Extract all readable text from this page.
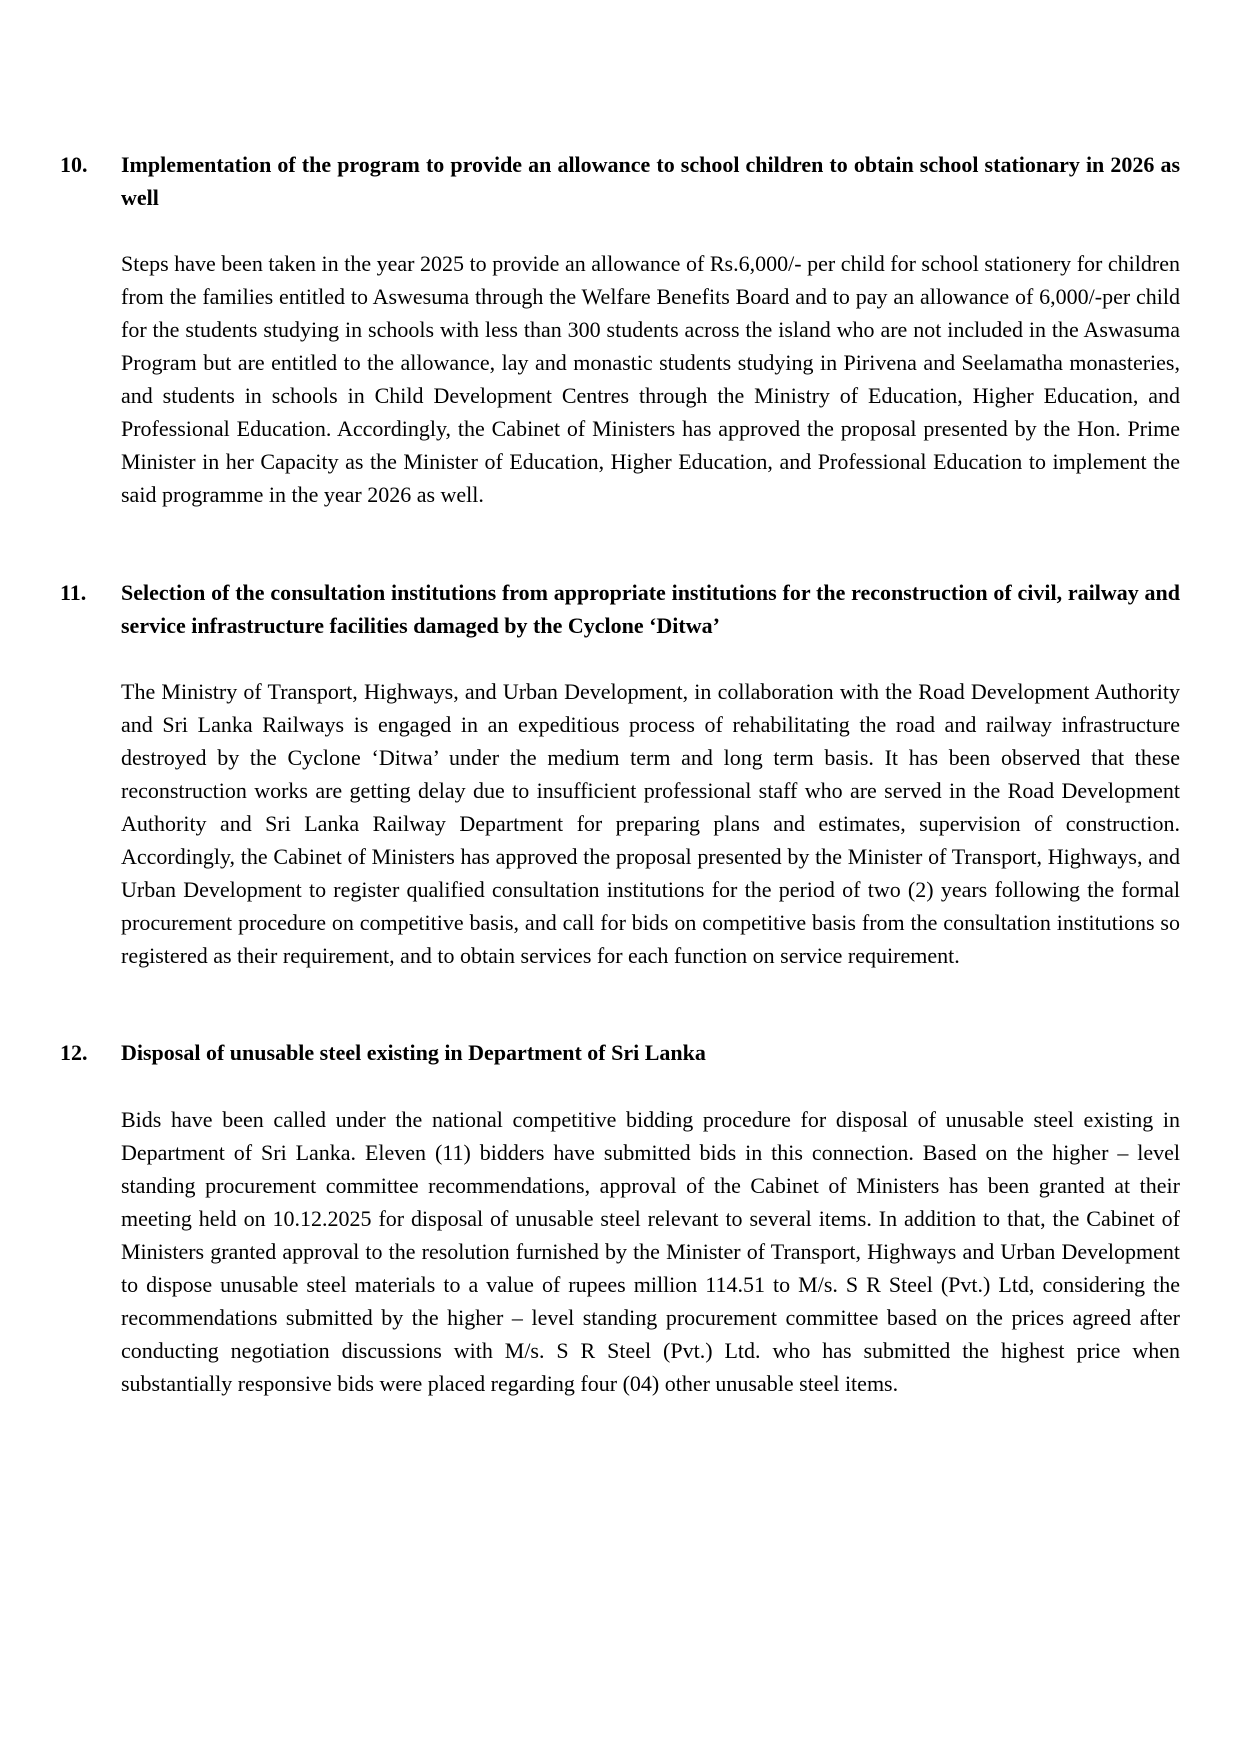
10.	Implementation of the program to provide an allowance to school children to obtain school stationary in 2026 as well
Steps have been taken in the year 2025 to provide an allowance of Rs.6,000/- per child for school stationery for children from the families entitled to Aswesuma through the Welfare Benefits Board and to pay an allowance of 6,000/-per child for the students studying in schools with less than 300 students across the island who are not included in the Aswasuma Program but are entitled to the allowance, lay and monastic students studying in Pirivena and Seelamatha monasteries, and students in schools in Child Development Centres through the Ministry of Education, Higher Education, and Professional Education. Accordingly, the Cabinet of Ministers has approved the proposal presented by the Hon. Prime Minister in her Capacity as the Minister of Education, Higher Education, and Professional Education to implement the said programme in the year 2026 as well.
11.	Selection of the consultation institutions from appropriate institutions for the reconstruction of civil, railway and service infrastructure facilities damaged by the Cyclone ‘Ditwa’
The Ministry of Transport, Highways, and Urban Development, in collaboration with the Road Development Authority and Sri Lanka Railways is engaged in an expeditious process of rehabilitating the road and railway infrastructure destroyed by the Cyclone ‘Ditwa’ under the medium term and long term basis. It has been observed that these reconstruction works are getting delay due to insufficient professional staff who are served in the Road Development Authority and Sri Lanka Railway Department for preparing plans and estimates, supervision of construction. Accordingly, the Cabinet of Ministers has approved the proposal presented by the Minister of Transport, Highways, and Urban Development to register qualified consultation institutions for the period of two (2) years following the formal procurement procedure on competitive basis, and call for bids on competitive basis from the consultation institutions so registered as their requirement, and to obtain services for each function on service requirement.
12.	Disposal of unusable steel existing in Department of Sri Lanka
Bids have been called under the national competitive bidding procedure for disposal of unusable steel existing in Department of Sri Lanka. Eleven (11) bidders have submitted bids in this connection. Based on the higher – level standing procurement committee recommendations, approval of the Cabinet of Ministers has been granted at their meeting held on 10.12.2025 for disposal of unusable steel relevant to several items. In addition to that, the Cabinet of Ministers granted approval to the resolution furnished by the Minister of Transport, Highways and Urban Development to dispose unusable steel materials to a value of rupees million 114.51 to M/s. S R Steel (Pvt.) Ltd, considering the recommendations submitted by the higher – level standing procurement committee based on the prices agreed after conducting negotiation discussions with M/s. S R Steel (Pvt.) Ltd. who has submitted the highest price when substantially responsive bids were placed regarding four (04) other unusable steel items.
